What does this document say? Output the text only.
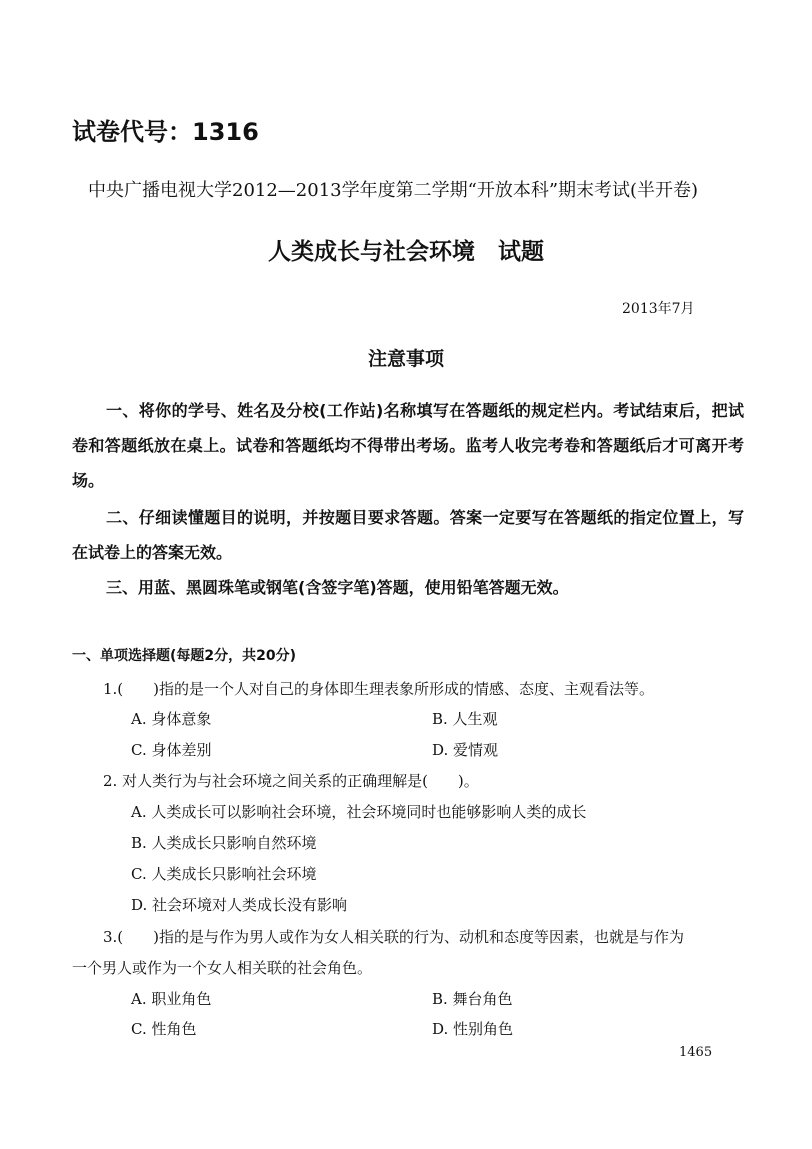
试卷代号：1316
中央广播电视大学2012—2013学年度第二学期“开放本科”期末考试(半开卷)
人类成长与社会环境　试题
2013年7月
注意事项
一、将你的学号、姓名及分校(工作站)名称填写在答题纸的规定栏内。考试结束后，把试卷和答题纸放在桌上。试卷和答题纸均不得带出考场。监考人收完考卷和答题纸后才可离开考场。
二、仔细读懂题目的说明，并按题目要求答题。答案一定要写在答题纸的指定位置上，写在试卷上的答案无效。
三、用蓝、黑圆珠笔或钢笔(含签字笔)答题，使用铅笔答题无效。
一、单项选择题(每题2分，共20分)
1.(　　)指的是一个人对自己的身体即生理表象所形成的情感、态度、主观看法等。
A. 身体意象	B. 人生观
C. 身体差别	D. 爱情观
2. 对人类行为与社会环境之间关系的正确理解是(　　)。
A. 人类成长可以影响社会环境，社会环境同时也能够影响人类的成长
B. 人类成长只影响自然环境
C. 人类成长只影响社会环境
D. 社会环境对人类成长没有影响
3.(　　)指的是与作为男人或作为女人相关联的行为、动机和态度等因素，也就是与作为
一个男人或作为一个女人相关联的社会角色。
A. 职业角色	B. 舞台角色
C. 性角色	D. 性别角色
1465
